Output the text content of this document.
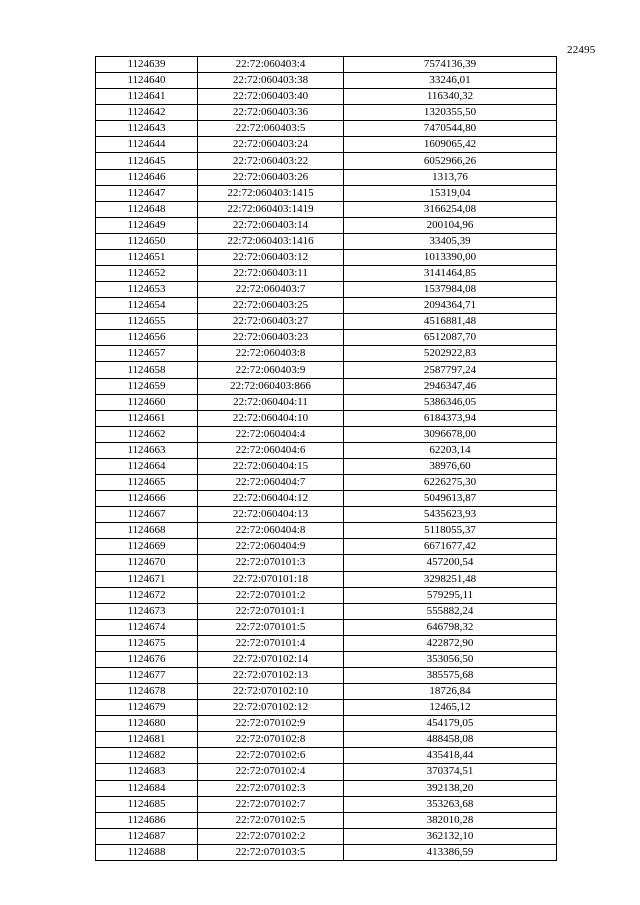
22495
1124639	22:72:060403:4	7574136,39
1124640	22:72:060403:38	33246,01
1124641	22:72:060403:40	116340,32
1124642	22:72:060403:36	1320355,50
1124643	22:72:060403:5	7470544,80
1124644	22:72:060403:24	1609065,42
1124645	22:72:060403:22	6052966,26
1124646	22:72:060403:26	1313,76
1124647	22:72:060403:1415	15319,04
1124648	22:72:060403:1419	3166254,08
1124649	22:72:060403:14	200104,96
1124650	22:72:060403:1416	33405,39
1124651	22:72:060403:12	1013390,00
1124652	22:72:060403:11	3141464,85
1124653	22:72:060403:7	1537984,08
1124654	22:72:060403:25	2094364,71
1124655	22:72:060403:27	4516881,48
1124656	22:72:060403:23	6512087,70
1124657	22:72:060403:8	5202922,83
1124658	22:72:060403:9	2587797,24
1124659	22:72:060403:866	2946347,46
1124660	22:72:060404:11	5386346,05
1124661	22:72:060404:10	6184373,94
1124662	22:72:060404:4	3096678,00
1124663	22:72:060404:6	62203,14
1124664	22:72:060404:15	38976,60
1124665	22:72:060404:7	6226275,30
1124666	22:72:060404:12	5049613,87
1124667	22:72:060404:13	5435623,93
1124668	22:72:060404:8	5118055,37
1124669	22:72:060404:9	6671677,42
1124670	22:72:070101:3	457200,54
1124671	22:72:070101:18	3298251,48
1124672	22:72:070101:2	579295,11
1124673	22:72:070101:1	555882,24
1124674	22:72:070101:5	646798,32
1124675	22:72:070101:4	422872,90
1124676	22:72:070102:14	353056,50
1124677	22:72:070102:13	385575,68
1124678	22:72:070102:10	18726,84
1124679	22:72:070102:12	12465,12
1124680	22:72:070102:9	454179,05
1124681	22:72:070102:8	488458,08
1124682	22:72:070102:6	435418,44
1124683	22:72:070102:4	370374,51
1124684	22:72:070102:3	392138,20
1124685	22:72:070102:7	353263,68
1124686	22:72:070102:5	382010,28
1124687	22:72:070102:2	362132,10
1124688	22:72:070103:5	413386,59
